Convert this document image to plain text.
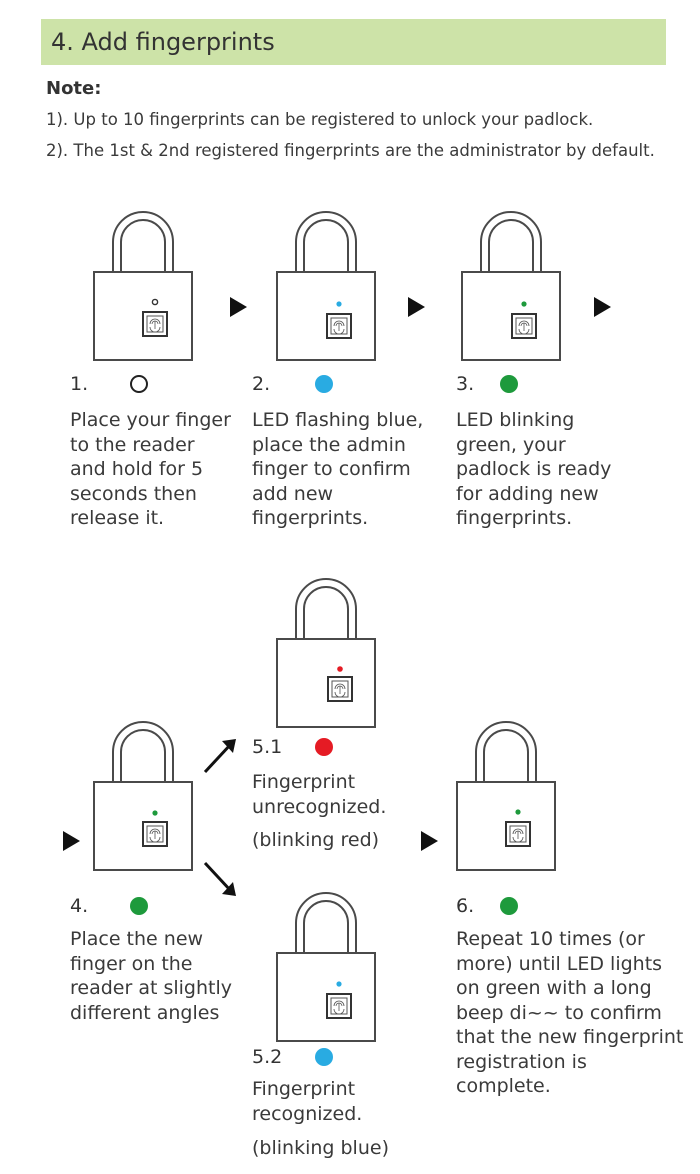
4. Add fingerprints
Note:
1). Up to 10 fingerprints can be registered to unlock your padlock.
2). The 1st & 2nd registered fingerprints are the administrator by default.
1.
Place your finger
to the reader
and hold for 5
seconds then
release it.
2.
LED flashing blue,
place the admin
finger to confirm
add new
fingerprints.
3.
LED blinking
green, your
padlock is ready
for adding new
fingerprints.
5.1
Fingerprint
unrecognized.
(blinking red)
4.
Place the new
finger on the
reader at slightly
different angles
6.
Repeat 10 times (or
more) until LED lights
on green with a long
beep di~~ to confirm
that the new fingerprint
registration is
complete.
5.2
Fingerprint
recognized.
(blinking blue)
